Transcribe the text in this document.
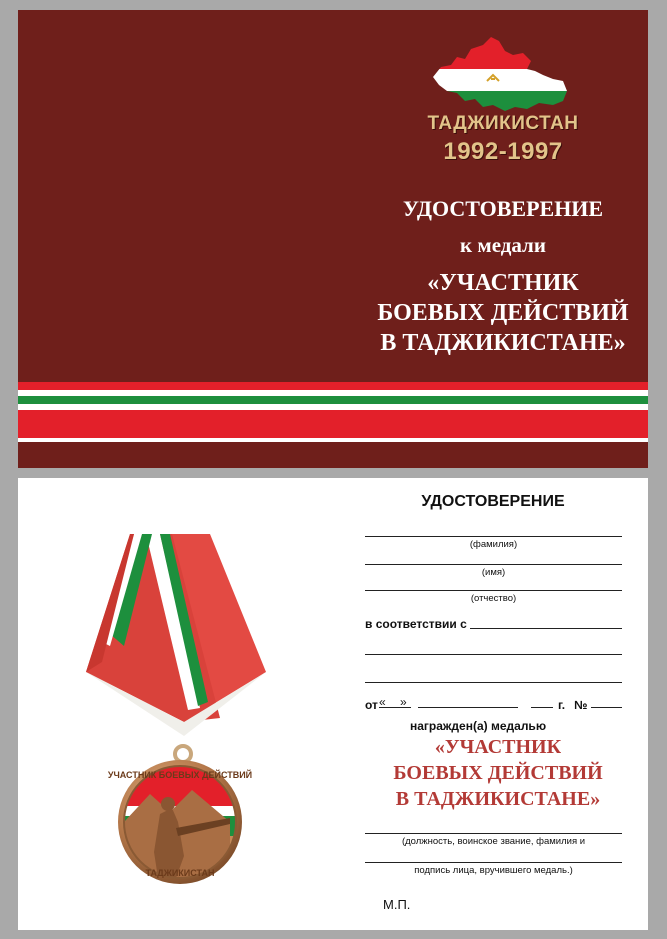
ТАДЖИКИСТАН
1992-1997
УДОСТОВЕРЕНИЕ
к медали
«УЧАСТНИК
БОЕВЫХ ДЕЙСТВИЙ
В ТАДЖИКИСТАНЕ»
УЧАСТНИК БОЕВЫХ ДЕЙСТВИЙ
ТАДЖИКИСТАН
УДОСТОВЕРЕНИЕ
(фамилия)
(имя)
(отчество)
в соответствии с
от « »	г. №
награжден(а) медалью
«УЧАСТНИК
БОЕВЫХ ДЕЙСТВИЙ
В ТАДЖИКИСТАНЕ»
(должность, воинское звание, фамилия и
подпись лица, вручившего медаль.)
М.П.
